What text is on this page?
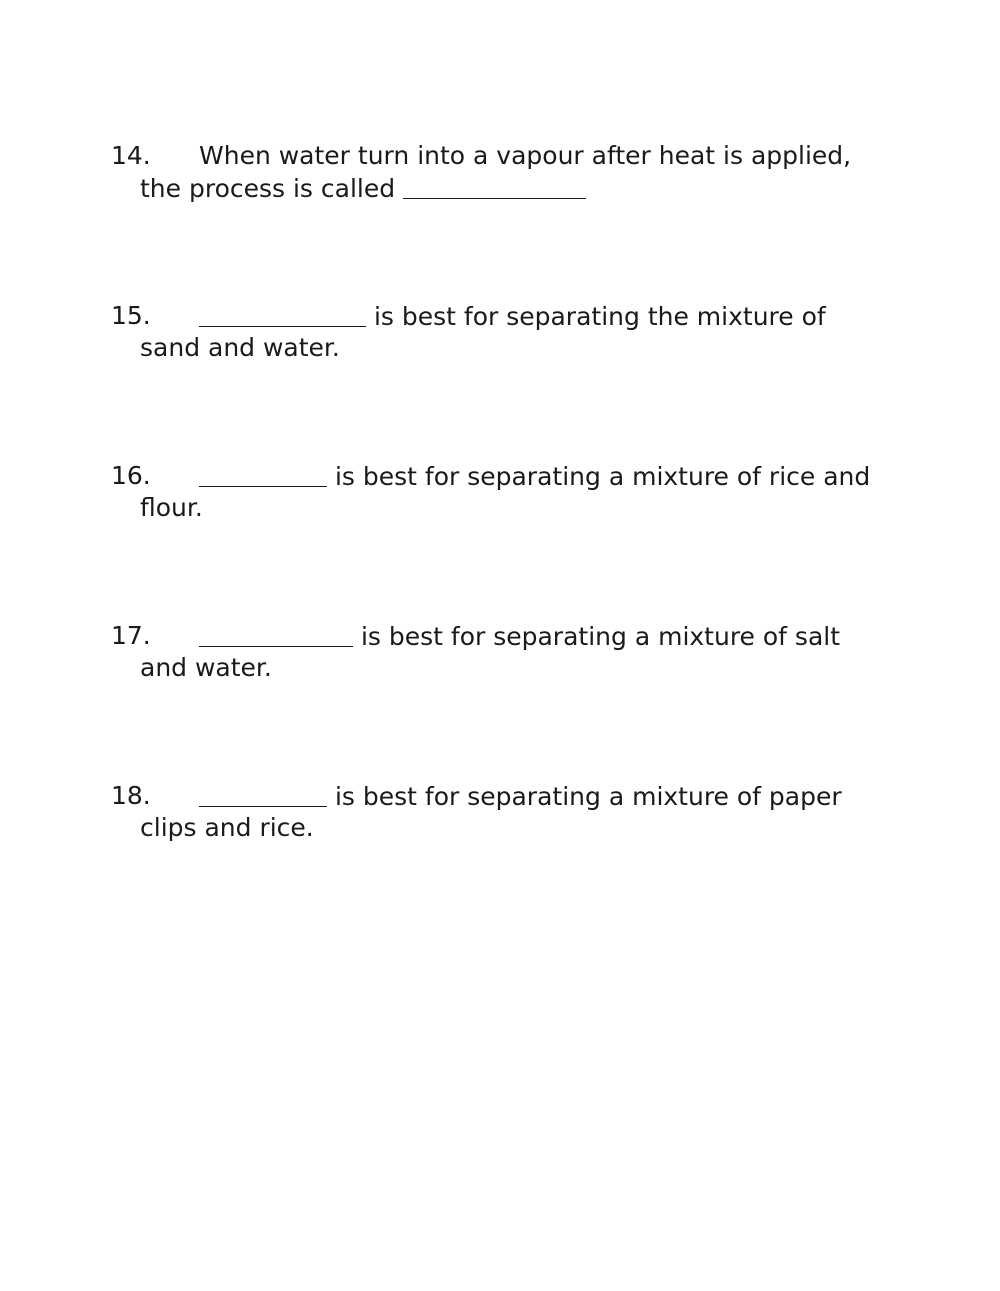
14.	When water turn into a vapour after heat is applied,
the process is called
15.	is best for separating the mixture of
sand and water.
16.	is best for separating a mixture of rice and
flour.
17.	is best for separating a mixture of salt
and water.
18.	is best for separating a mixture of paper
clips and rice.
